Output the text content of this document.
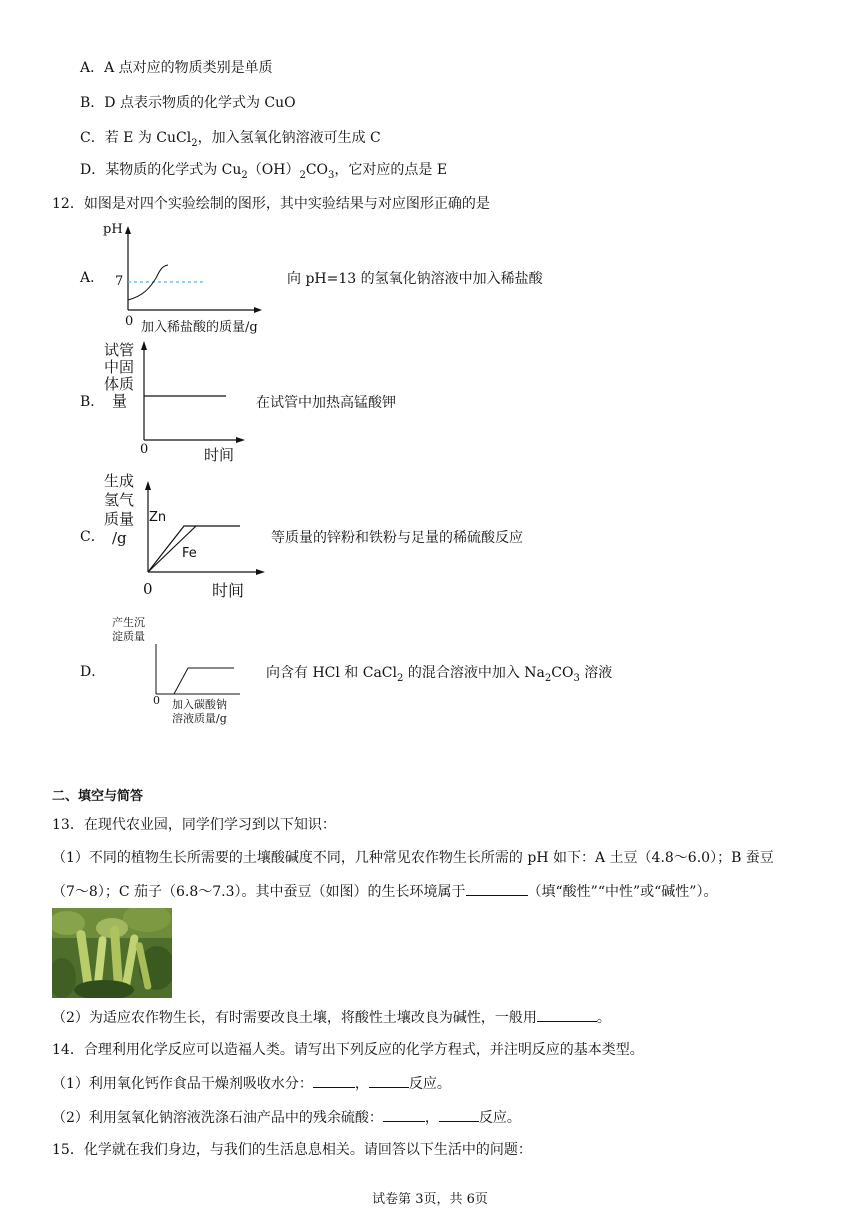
A．A 点对应的物质类别是单质
B．D 点表示物质的化学式为 CuO
C．若 E 为 CuCl$_2$，加入氢氧化钠溶液可生成 C
D．某物质的化学式为 $Cu_2(OH)_2CO_3$，它对应的点是 E
12．如图是对四个实验绘制的图形，其中实验结果与对应图形正确的是
A．
pH
7
0 加入稀盐酸的质量/g
向 pH=13 的氢氧化钠溶液中加入稀盐酸
B．
试管
中固
体质
量
0	时间
在试管中加热高锰酸钾
C．
生成
氢气
质量
/g
Zn
Fe
0	时间
等质量的锌粉和铁粉与足量的稀硫酸反应
D．
产生沉
淀质量
0 加入碳酸钠
溶液质量/g
向含有 HCl 和 CaCl$_2$ 的混合溶液中加入 $Na_2CO_3$ 溶液
二、填空与简答
13．在现代农业园，同学们学习到以下知识：
（1）不同的植物生长所需要的土壤酸碱度不同，几种常见农作物生长所需的 pH 如下：A 土豆（4.8～6.0）；B 蚕豆
（7～8）；C 茄子（6.8～7.3）。其中蚕豆（如图）的生长环境属于	（填“酸性”“中性”或“碱性”）。
（2）为适应农作物生长，有时需要改良土壤，将酸性土壤改良为碱性，一般用	。
14．合理利用化学反应可以造福人类。请写出下列反应的化学方程式，并注明反应的基本类型。
（1）利用氧化钙作食品干燥剂吸收水分：	，	反应。
（2）利用氢氧化钠溶液洗涤石油产品中的残余硫酸：	，	反应。
15．化学就在我们身边，与我们的生活息息相关。请回答以下生活中的问题：
试卷第 3页，共 6页
